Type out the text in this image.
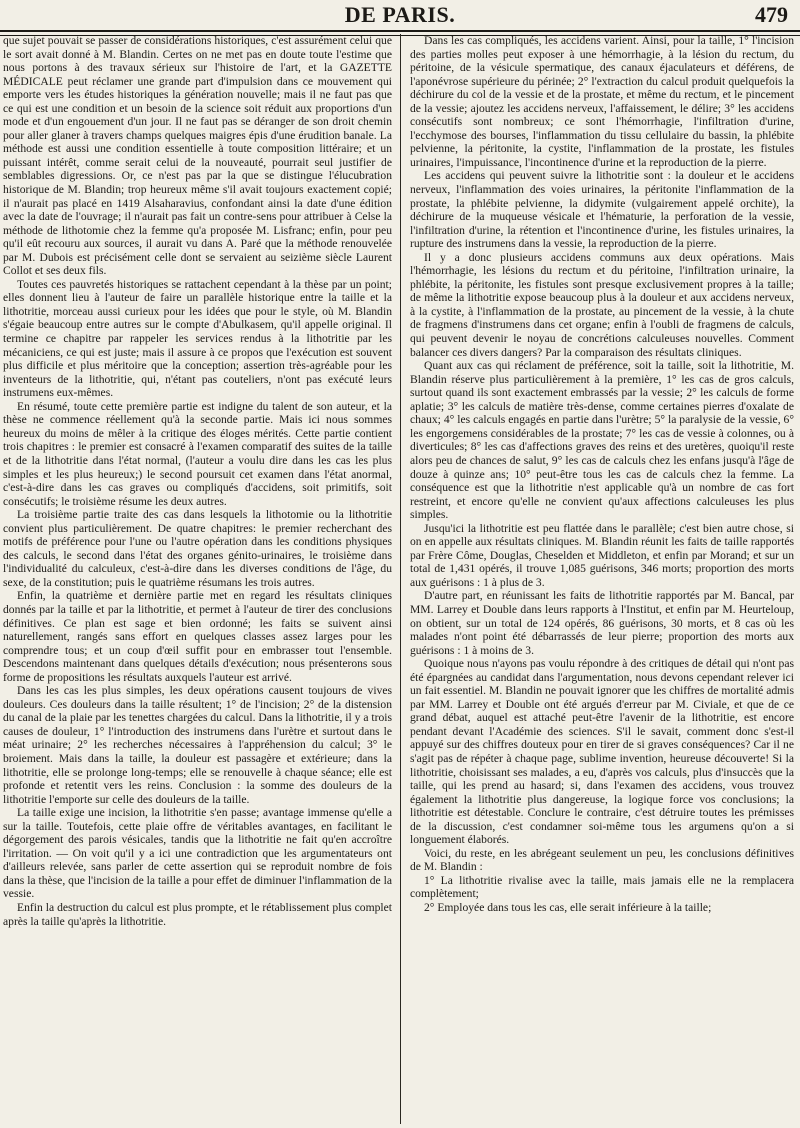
DE PARIS.	479

que sujet pouvait se passer de considérations historiques, c'est assurément celui que le sort avait donné à M. Blandin. Certes on ne met pas en doute toute l'estime que nous portons à des travaux sérieux sur l'histoire de l'art, et la GAZETTE MÉDICALE peut réclamer une grande part d'impulsion dans ce mouvement qui emporte vers les études historiques la génération nouvelle; mais il ne faut pas que ce qui est une condition et un besoin de la science soit réduit aux proportions d'un mode et d'un engouement d'un jour. Il ne faut pas se déranger de son droit chemin pour aller glaner à travers champs quelques maigres épis d'une érudition banale. La méthode est aussi une condition essentielle à toute composition littéraire; et un puissant intérêt, comme serait celui de la nouveauté, pourrait seul justifier de semblables digressions. Or, ce n'est pas par la que se distingue l'élucubration historique de M. Blandin; trop heureux même s'il avait toujours exactement copié; il n'aurait pas placé en 1419 Alsaharavius, confondant ainsi la date d'une édition avec la date de l'ouvrage; il n'aurait pas fait un contre-sens pour attribuer à Celse la méthode de lithotomie chez la femme qu'a proposée M. Lisfranc; enfin, pour peu qu'il eût recouru aux sources, il aurait vu dans A. Paré que la méthode renouvelée par M. Dubois est précisément celle dont se servaient au seizième siècle Laurent Collot et ses deux fils.

Toutes ces pauvretés historiques se rattachent cependant à la thèse par un point; elles donnent lieu à l'auteur de faire un parallèle historique entre la taille et la lithotritie, morceau aussi curieux pour les idées que pour le style, où M. Blandin s'égaie beaucoup entre autres sur le compte d'Abulkasem, qu'il appelle original. Il termine ce chapitre par rappeler les services rendus à la lithotritie par les mécaniciens, ce qui est juste; mais il assure à ce propos que l'exécution est souvent plus difficile et plus méritoire que la conception; assertion très-agréable pour les inventeurs de la lithotritie, qui, n'étant pas couteliers, n'ont pas exécuté leurs instrumens eux-mêmes.

En résumé, toute cette première partie est indigne du talent de son auteur, et la thèse ne commence réellement qu'à la seconde partie. Mais ici nous sommes heureux du moins de mêler à la critique des éloges mérités. Cette partie contient trois chapitres : le premier est consacré à l'examen comparatif des suites de la taille et de la lithotritie dans l'état normal, (l'auteur a voulu dire dans les cas les plus simples et les plus heureux;) le second poursuit cet examen dans l'état anormal, c'est-à-dire dans les cas graves ou compliqués d'accidens, soit primitifs, soit consécutifs; le troisième résume les deux autres.

La troisième partie traite des cas dans lesquels la lithotomie ou la lithotritie convient plus particulièrement. De quatre chapitres: le premier recherchant des motifs de préférence pour l'une ou l'autre opération dans les conditions physiques des calculs, le second dans l'état des organes génito-urinaires, le troisième dans l'individualité du calculeux, c'est-à-dire dans les diverses conditions de l'âge, du sexe, de la constitution; puis le quatrième résumans les trois autres.

Enfin, la quatrième et dernière partie met en regard les résultats cliniques donnés par la taille et par la lithotritie, et permet à l'auteur de tirer des conclusions définitives. Ce plan est sage et bien ordonné; les faits se suivent ainsi naturellement, rangés sans effort en quelques classes assez larges pour les comprendre tous; et un coup d'œil suffit pour en embrasser tout l'ensemble. Descendons maintenant dans quelques détails d'exécution; nous présenterons sous forme de propositions les résultats auxquels l'auteur est arrivé.

Dans les cas les plus simples, les deux opérations causent toujours de vives douleurs. Ces douleurs dans la taille résultent; 1° de l'incision; 2° de la distension du canal de la plaie par les tenettes chargées du calcul. Dans la lithotritie, il y a trois causes de douleur, 1° l'introduction des instrumens dans l'urètre et surtout dans le méat urinaire; 2° les recherches nécessaires à l'appréhension du calcul; 3° le broiement. Mais dans la taille, la douleur est passagère et extérieure; dans la lithotritie, elle se prolonge long-temps; elle se renouvelle à chaque séance; elle est profonde et retentit vers les reins. Conclusion : la somme des douleurs de la lithotritie l'emporte sur celle des douleurs de la taille.

La taille exige une incision, la lithotritie s'en passe; avantage immense qu'elle a sur la taille. Toutefois, cette plaie offre de véritables avantages, en facilitant le dégorgement des parois vésicales, tandis que la lithotritie ne fait qu'en accroître l'irritation. — On voit qu'il y a ici une contradiction que les argumentateurs ont d'ailleurs relevée, sans parler de cette assertion qui se reproduit nombre de fois dans la thèse, que l'incision de la taille a pour effet de diminuer l'inflammation de la vessie.

Enfin la destruction du calcul est plus prompte, et le rétablissement plus complet après la taille qu'après la lithotritie.

Dans les cas compliqués, les accidens varient. Ainsi, pour la taille, 1° l'incision des parties molles peut exposer à une hémorrhagie, à la lésion du rectum, du péritoine, de la vésicule spermatique, des canaux éjaculateurs et déférens, de l'aponévrose supérieure du périnée; 2° l'extraction du calcul produit quelquefois la déchirure du col de la vessie et de la prostate, et même du rectum, et le pincement de la vessie; ajoutez les accidens nerveux, l'affaissement, le délire; 3° les accidens consécutifs sont nombreux; ce sont l'hémorrhagie, l'infiltration d'urine, l'ecchymose des bourses, l'inflammation du tissu cellulaire du bassin, la phlébite pelvienne, la péritonite, la cystite, l'inflammation de la prostate, les fistules urinaires, l'impuissance, l'incontinence d'urine et la reproduction de la pierre.

Les accidens qui peuvent suivre la lithotritie sont : la douleur et le accidens nerveux, l'inflammation des voies urinaires, la péritonite l'inflammation de la prostate, la phlébite pelvienne, la didymite (vulgairement appelé orchite), la déchirure de la muqueuse vésicale et l'hématurie, la perforation de la vessie, l'infiltration d'urine, la rétention et l'incontinence d'urine, les fistules urinaires, la rupture des instrumens dans la vessie, la reproduction de la pierre.

Il y a donc plusieurs accidens communs aux deux opérations. Mais l'hémorrhagie, les lésions du rectum et du péritoine, l'infiltration urinaire, la phlébite, la péritonite, les fistules sont presque exclusivement propres à la taille; de même la lithotritie expose beaucoup plus à la douleur et aux accidens nerveux, à la cystite, à l'inflammation de la prostate, au pincement de la vessie, à la chute de fragmens d'instrumens dans cet organe; enfin à l'oubli de fragmens de calculs, qui peuvent devenir le noyau de concrétions calculeuses nouvelles. Comment balancer ces divers dangers? Par la comparaison des résultats cliniques.

Quant aux cas qui réclament de préférence, soit la taille, soit la lithotritie, M. Blandin réserve plus particulièrement à la première, 1° les cas de gros calculs, surtout quand ils sont exactement embrassés par la vessie; 2° les calculs de forme aplatie; 3° les calculs de matière très-dense, comme certaines pierres d'oxalate de chaux; 4° les calculs engagés en partie dans l'urètre; 5° la paralysie de la vessie, 6° les engorgemens considérables de la prostate; 7° les cas de vessie à colonnes, ou à diverticules; 8° les cas d'affections graves des reins et des uretères, quoiqu'il reste alors peu de chances de salut, 9° les cas de calculs chez les enfans jusqu'à l'âge de douze à quinze ans; 10° peut-être tous les cas de calculs chez la femme. La conséquence est que la lithotritie n'est applicable qu'à un nombre de cas fort restreint, et encore qu'elle ne convient qu'aux affections calculeuses les plus simples.

Jusqu'ici la lithotritie est peu flattée dans le parallèle; c'est bien autre chose, si on en appelle aux résultats cliniques. M. Blandin réunit les faits de taille rapportés par Frère Côme, Douglas, Cheselden et Middleton, et enfin par Morand; et sur un total de 1,431 opérés, il trouve 1,085 guérisons, 346 morts; proportion des morts aux guérisons : 1 à plus de 3.

D'autre part, en réunissant les faits de lithotritie rapportés par M. Bancal, par MM. Larrey et Double dans leurs rapports à l'Institut, et enfin par M. Heurteloup, on obtient, sur un total de 124 opérés, 86 guérisons, 30 morts, et 8 cas où les malades n'ont point été débarrassés de leur pierre; proportion des morts aux guérisons : 1 à moins de 3.

Quoique nous n'ayons pas voulu répondre à des critiques de détail qui n'ont pas été épargnées au candidat dans l'argumentation, nous devons cependant relever ici un fait essentiel. M. Blandin ne pouvait ignorer que les chiffres de mortalité admis par MM. Larrey et Double ont été argués d'erreur par M. Civiale, et que de ce grand débat, auquel est attaché peut-être l'avenir de la lithotritie, est encore pendant devant l'Académie des sciences. S'il le savait, comment donc s'est-il appuyé sur des chiffres douteux pour en tirer de si graves conséquences? Car il ne s'agit pas de répéter à chaque page, sublime invention, heureuse découverte! Si la lithotritie, choisissant ses malades, a eu, d'après vos calculs, plus d'insuccès que la taille, qui les prend au hasard; si, dans l'examen des accidens, vous trouvez également la lithotritie plus dangereuse, la logique force vos conclusions; la lithotritie est détestable. Conclure le contraire, c'est détruire toutes les prémisses de la discussion, c'est condamner soi-même tous les argumens qu'on a si longuement élaborés.

Voici, du reste, en les abrégeant seulement un peu, les conclusions définitives de M. Blandin :

1° La lithotritie rivalise avec la taille, mais jamais elle ne la remplacera complètement;

2° Employée dans tous les cas, elle serait inférieure à la taille;
